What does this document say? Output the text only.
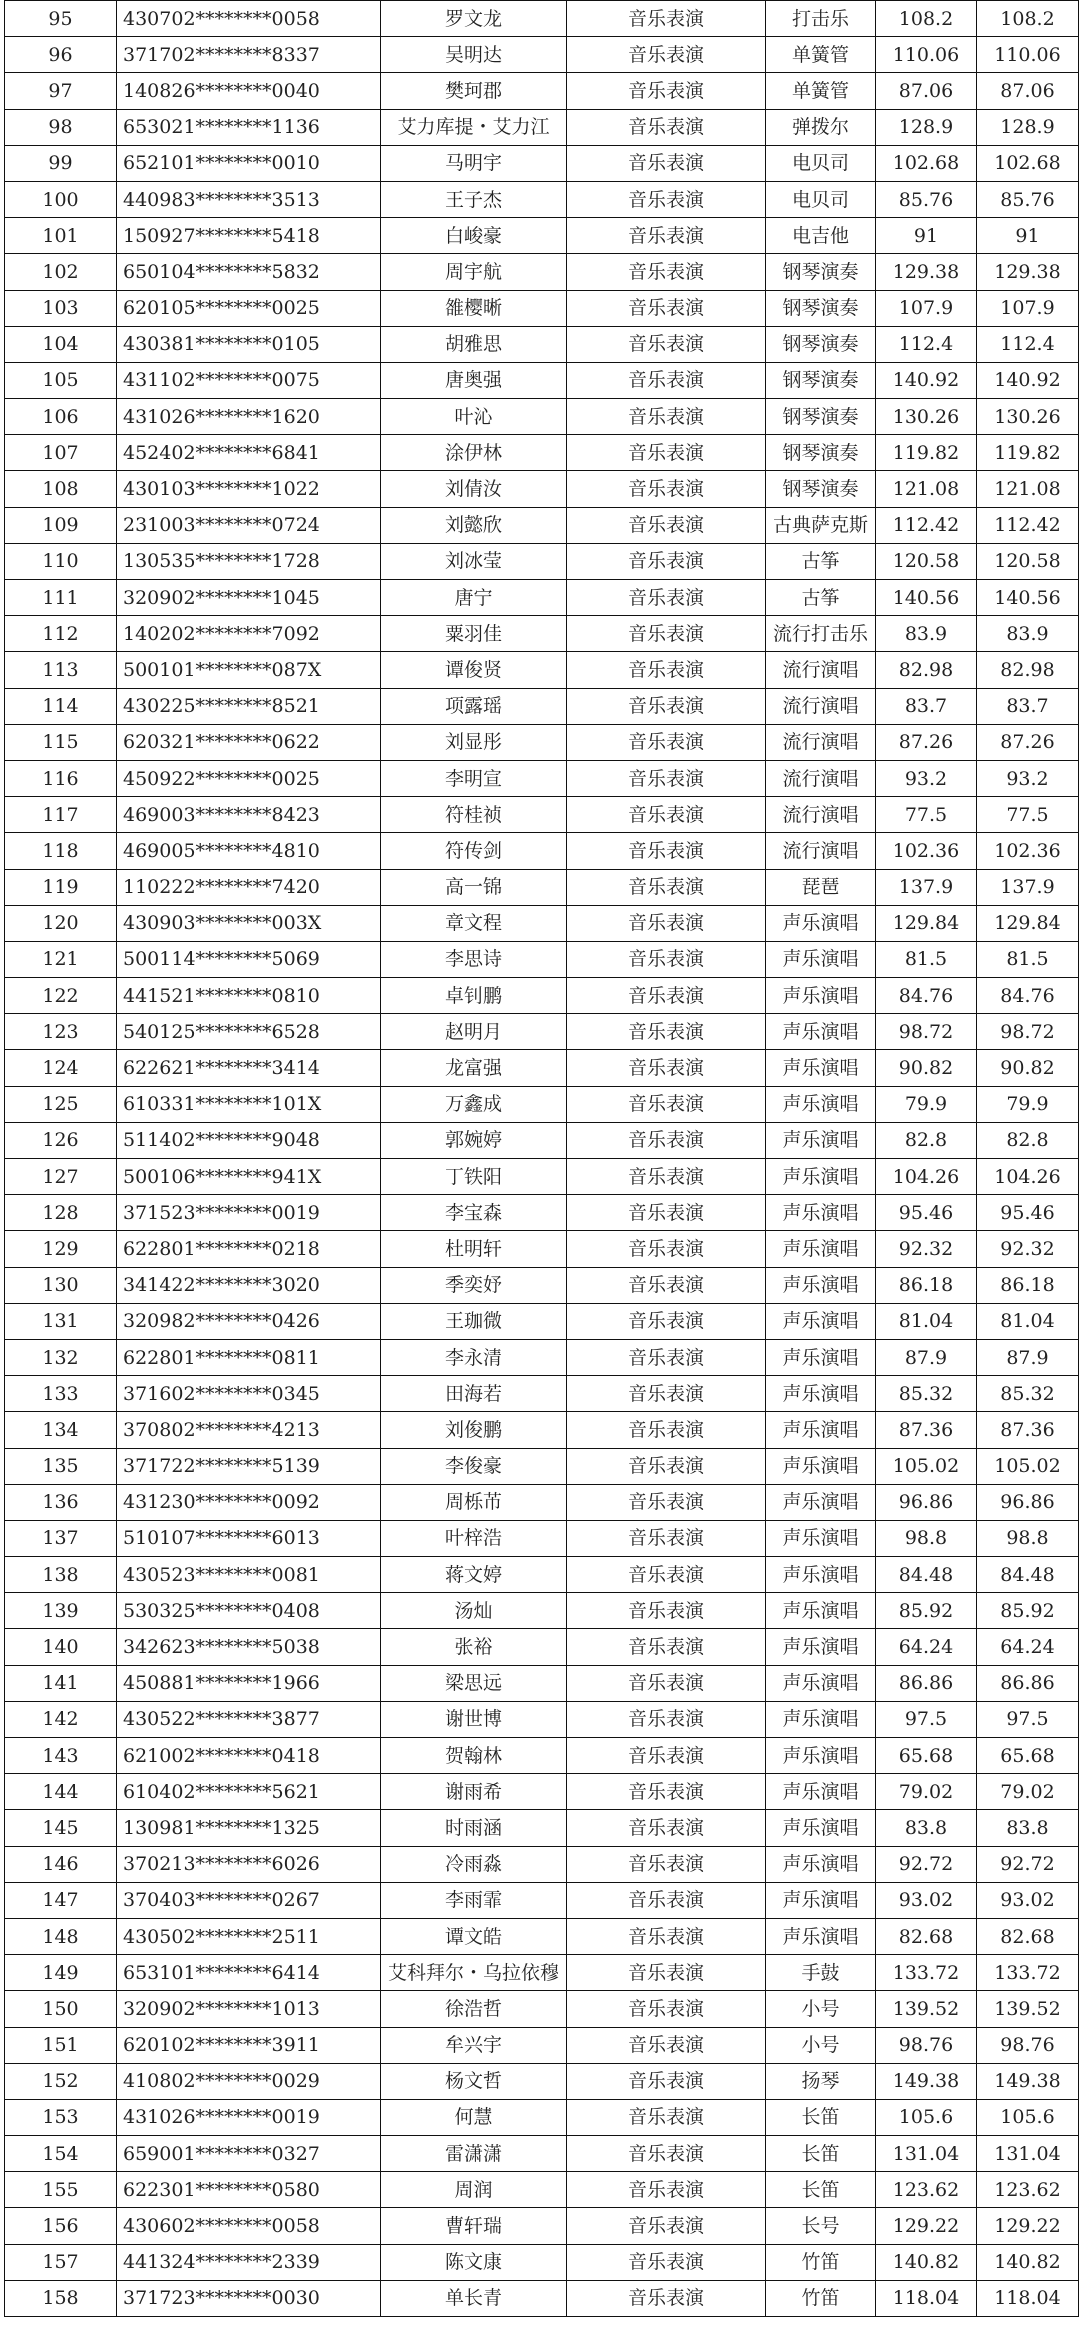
95	430702********0058	罗文龙	音乐表演	打击乐	108.2	108.2
96	371702********8337	吴明达	音乐表演	单簧管	110.06	110.06
97	140826********0040	樊珂郡	音乐表演	单簧管	87.06	87.06
98	653021********1136	艾力库提・艾力江	音乐表演	弹拨尔	128.9	128.9
99	652101********0010	马明宇	音乐表演	电贝司	102.68	102.68
100	440983********3513	王子杰	音乐表演	电贝司	85.76	85.76
101	150927********5418	白峻豪	音乐表演	电吉他	91	91
102	650104********5832	周宇航	音乐表演	钢琴演奏	129.38	129.38
103	620105********0025	雒樱晰	音乐表演	钢琴演奏	107.9	107.9
104	430381********0105	胡雅思	音乐表演	钢琴演奏	112.4	112.4
105	431102********0075	唐奥强	音乐表演	钢琴演奏	140.92	140.92
106	431026********1620	叶沁	音乐表演	钢琴演奏	130.26	130.26
107	452402********6841	涂伊林	音乐表演	钢琴演奏	119.82	119.82
108	430103********1022	刘倩汝	音乐表演	钢琴演奏	121.08	121.08
109	231003********0724	刘懿欣	音乐表演	古典萨克斯	112.42	112.42
110	130535********1728	刘冰莹	音乐表演	古筝	120.58	120.58
111	320902********1045	唐宁	音乐表演	古筝	140.56	140.56
112	140202********7092	粟羽佳	音乐表演	流行打击乐	83.9	83.9
113	500101********087X	谭俊贤	音乐表演	流行演唱	82.98	82.98
114	430225********8521	项露瑶	音乐表演	流行演唱	83.7	83.7
115	620321********0622	刘显彤	音乐表演	流行演唱	87.26	87.26
116	450922********0025	李明宣	音乐表演	流行演唱	93.2	93.2
117	469003********8423	符桂祯	音乐表演	流行演唱	77.5	77.5
118	469005********4810	符传剑	音乐表演	流行演唱	102.36	102.36
119	110222********7420	高一锦	音乐表演	琵琶	137.9	137.9
120	430903********003X	章文程	音乐表演	声乐演唱	129.84	129.84
121	500114********5069	李思诗	音乐表演	声乐演唱	81.5	81.5
122	441521********0810	卓钊鹏	音乐表演	声乐演唱	84.76	84.76
123	540125********6528	赵明月	音乐表演	声乐演唱	98.72	98.72
124	622621********3414	龙富强	音乐表演	声乐演唱	90.82	90.82
125	610331********101X	万鑫成	音乐表演	声乐演唱	79.9	79.9
126	511402********9048	郭婉婷	音乐表演	声乐演唱	82.8	82.8
127	500106********941X	丁铁阳	音乐表演	声乐演唱	104.26	104.26
128	371523********0019	李宝森	音乐表演	声乐演唱	95.46	95.46
129	622801********0218	杜明轩	音乐表演	声乐演唱	92.32	92.32
130	341422********3020	季奕妤	音乐表演	声乐演唱	86.18	86.18
131	320982********0426	王珈微	音乐表演	声乐演唱	81.04	81.04
132	622801********0811	李永清	音乐表演	声乐演唱	87.9	87.9
133	371602********0345	田海若	音乐表演	声乐演唱	85.32	85.32
134	370802********4213	刘俊鹏	音乐表演	声乐演唱	87.36	87.36
135	371722********5139	李俊豪	音乐表演	声乐演唱	105.02	105.02
136	431230********0092	周栎芇	音乐表演	声乐演唱	96.86	96.86
137	510107********6013	叶梓浩	音乐表演	声乐演唱	98.8	98.8
138	430523********0081	蒋文婷	音乐表演	声乐演唱	84.48	84.48
139	530325********0408	汤灿	音乐表演	声乐演唱	85.92	85.92
140	342623********5038	张裕	音乐表演	声乐演唱	64.24	64.24
141	450881********1966	梁思远	音乐表演	声乐演唱	86.86	86.86
142	430522********3877	谢世博	音乐表演	声乐演唱	97.5	97.5
143	621002********0418	贺翰林	音乐表演	声乐演唱	65.68	65.68
144	610402********5621	谢雨希	音乐表演	声乐演唱	79.02	79.02
145	130981********1325	时雨涵	音乐表演	声乐演唱	83.8	83.8
146	370213********6026	冷雨淼	音乐表演	声乐演唱	92.72	92.72
147	370403********0267	李雨霏	音乐表演	声乐演唱	93.02	93.02
148	430502********2511	谭文皓	音乐表演	声乐演唱	82.68	82.68
149	653101********6414	艾科拜尔・乌拉依穆	音乐表演	手鼓	133.72	133.72
150	320902********1013	徐浩哲	音乐表演	小号	139.52	139.52
151	620102********3911	牟兴宇	音乐表演	小号	98.76	98.76
152	410802********0029	杨文哲	音乐表演	扬琴	149.38	149.38
153	431026********0019	何慧	音乐表演	长笛	105.6	105.6
154	659001********0327	雷潇潇	音乐表演	长笛	131.04	131.04
155	622301********0580	周润	音乐表演	长笛	123.62	123.62
156	430602********0058	曹轩瑞	音乐表演	长号	129.22	129.22
157	441324********2339	陈文康	音乐表演	竹笛	140.82	140.82
158	371723********0030	单长青	音乐表演	竹笛	118.04	118.04
